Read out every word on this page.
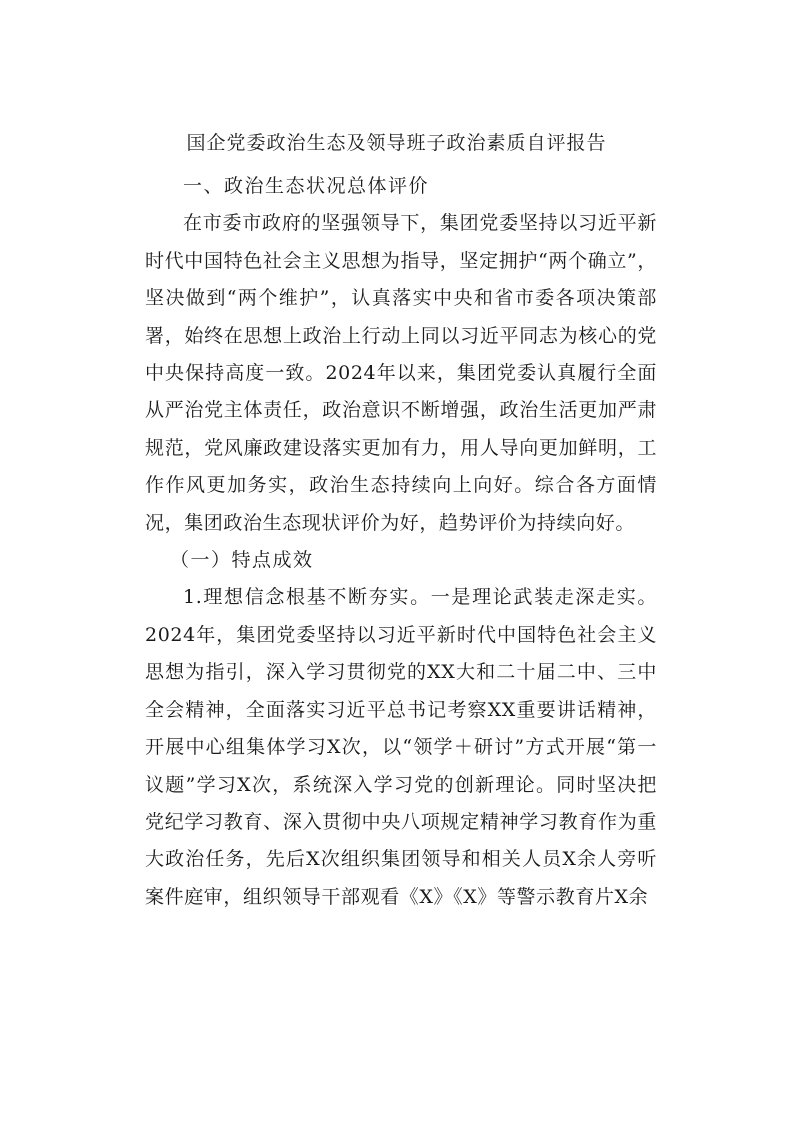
国企党委政治生态及领导班子政治素质自评报告

一、政治生态状况总体评价

在市委市政府的坚强领导下，集团党委坚持以习近平新时代中国特色社会主义思想为指导，坚定拥护“两个确立”，坚决做到“两个维护”，认真落实中央和省市委各项决策部署，始终在思想上政治上行动上同以习近平同志为核心的党中央保持高度一致。2024年以来，集团党委认真履行全面从严治党主体责任，政治意识不断增强，政治生活更加严肃规范，党风廉政建设落实更加有力，用人导向更加鲜明，工作作风更加务实，政治生态持续向上向好。综合各方面情况，集团政治生态现状评价为好，趋势评价为持续向好。

（一）特点成效

1.理想信念根基不断夯实。一是理论武装走深走实。2024年，集团党委坚持以习近平新时代中国特色社会主义思想为指引，深入学习贯彻党的XX大和二十届二中、三中全会精神，全面落实习近平总书记考察XX重要讲话精神，开展中心组集体学习X次，以“领学＋研讨”方式开展“第一议题”学习X次，系统深入学习党的创新理论。同时坚决把党纪学习教育、深入贯彻中央八项规定精神学习教育作为重大政治任务，先后X次组织集团领导和相关人员X余人旁听案件庭审，组织领导干部观看《X》《X》等警示教育片X余
